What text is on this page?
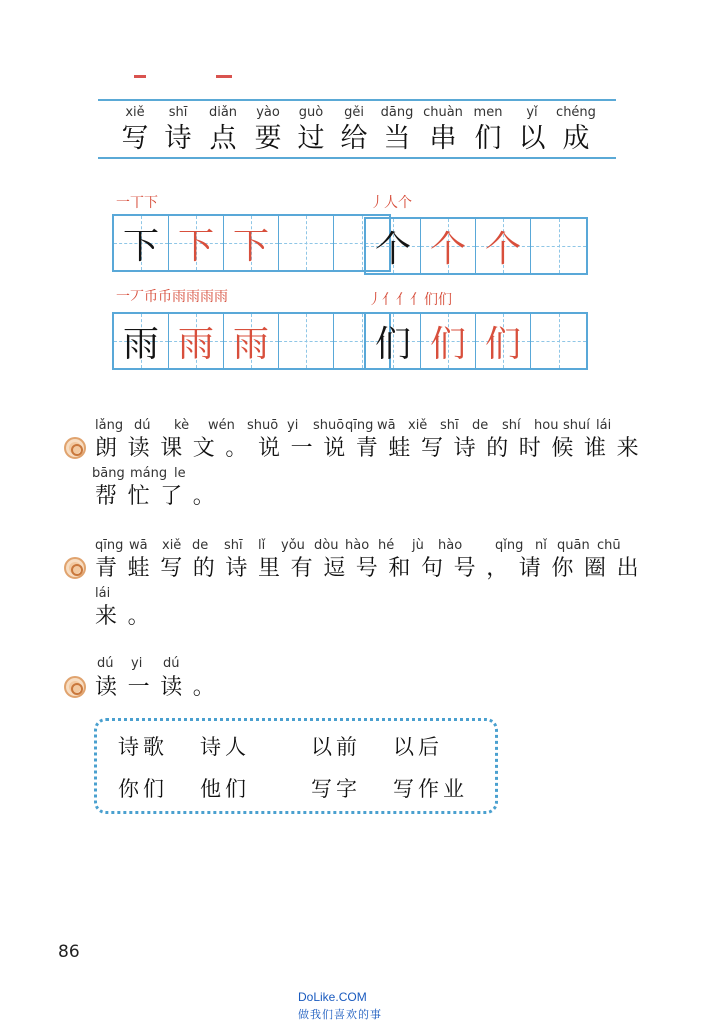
xiě
写
shī
诗
diǎn
点
yào
要
guò
过
gěi
给
dāng
当
chuàn
串
men
们
yǐ
以
chéng
成
一丅下
下 下 下
丿人个
个 个 个
一丆币币雨雨雨雨
雨 雨 雨
丿亻亻亻们们
们 们 们
lǎng dú kè wén shuō yi shuō qīng wā xiě shī de shí hou shuí lái
朗读课文。说一说青蛙写诗的时候谁来
bāng máng le
帮忙了。
qīng wā xiě de shī lǐ yǒu dòu hào hé jù hào	qǐng nǐ quān chū
青蛙写的诗里有逗号和句号，请你圈出
lái
来。
dú yi dú
读一读。
诗歌 诗人	以前 以后
你们 他们	写字 写作业
86
DoLike.COM
做我们喜欢的事
